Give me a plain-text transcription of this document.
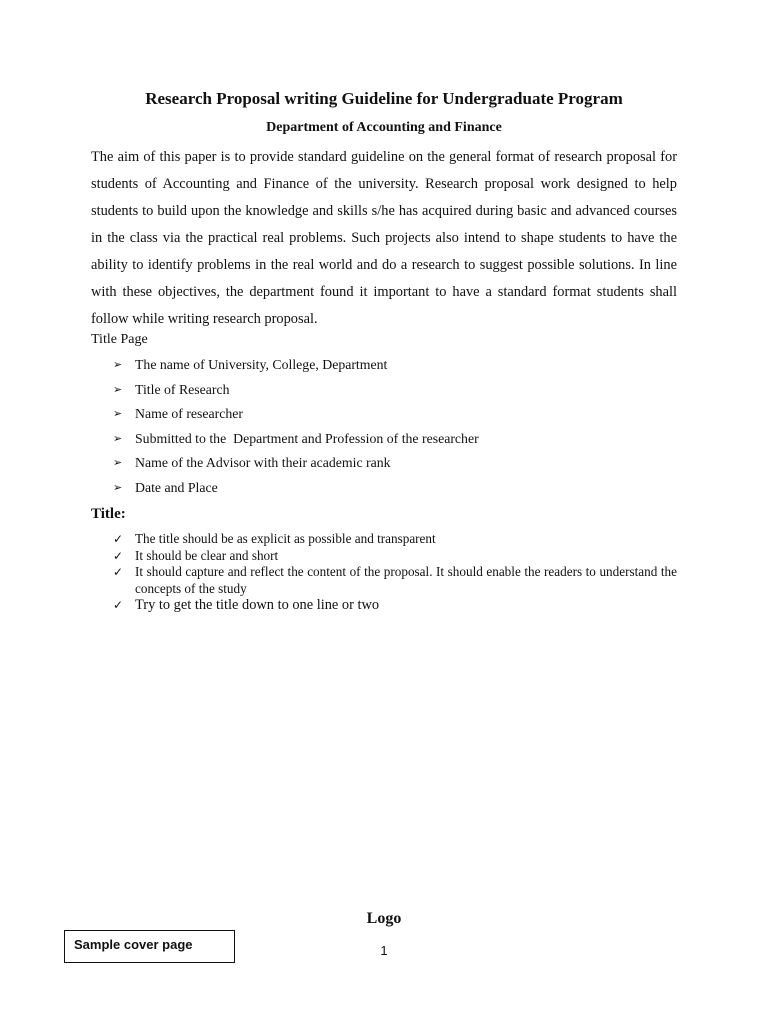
Research Proposal writing Guideline for Undergraduate Program
Department of Accounting and Finance

The aim of this paper is to provide standard guideline on the general format of research proposal for students of Accounting and Finance of the university. Research proposal work designed to help students to build upon the knowledge and skills s/he has acquired during basic and advanced courses in the class via the practical real problems. Such projects also intend to shape students to have the ability to identify problems in the real world and do a research to suggest possible solutions. In line with these objectives, the department found it important to have a standard format students shall follow while writing research proposal.

Title Page
➢ The name of University, College, Department
➢ Title of Research
➢ Name of researcher
➢ Submitted to the  Department and Profession of the researcher
➢ Name of the Advisor with their academic rank
➢ Date and Place
Title:
✓ The title should be as explicit as possible and transparent
✓ It should be clear and short
✓ It should capture and reflect the content of the proposal. It should enable the readers to understand the concepts of the study
✓ Try to get the title down to one line or two
Logo
1
Sample cover page
